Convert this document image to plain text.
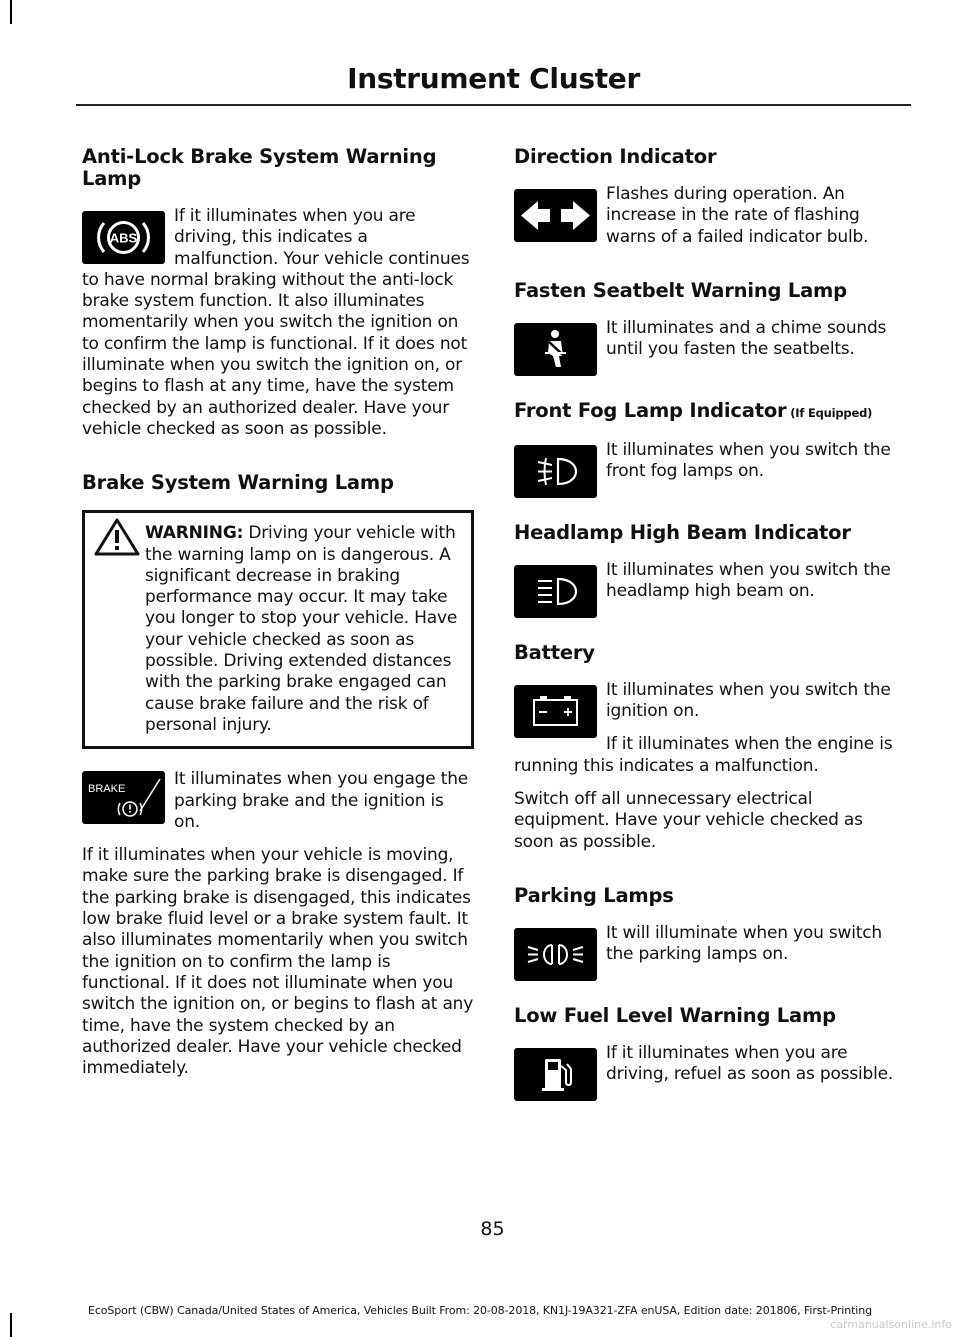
Instrument Cluster
Anti-Lock Brake System Warning Lamp
ABS

If it illuminates when you are driving, this indicates a malfunction. Your vehicle continues to have normal braking without the anti-lock brake system function. It also illuminates momentarily when you switch the ignition on to confirm the lamp is functional. If it does not illuminate when you switch the ignition on, or begins to flash at any time, have the system checked by an authorized dealer. Have your vehicle checked as soon as possible.

Brake System Warning Lamp

WARNING: Driving your vehicle with the warning lamp on is dangerous. A significant decrease in braking performance may occur. It may take you longer to stop your vehicle. Have your vehicle checked as soon as possible. Driving extended distances with the parking brake engaged can cause brake failure and the risk of personal injury.

BRAKE	It illuminates when you engage the parking brake and the ignition is on.

If it illuminates when your vehicle is moving, make sure the parking brake is disengaged. If the parking brake is disengaged, this indicates low brake fluid level or a brake system fault. It also illuminates momentarily when you switch the ignition on to confirm the lamp is functional. If it does not illuminate when you switch the ignition on, or begins to flash at any time, have the system checked by an authorized dealer. Have your vehicle checked immediately.

Direction Indicator

Flashes during operation. An increase in the rate of flashing warns of a failed indicator bulb.

Fasten Seatbelt Warning Lamp

It illuminates and a chime sounds until you fasten the seatbelts.

Front Fog Lamp Indicator (If Equipped)

It illuminates when you switch the front fog lamps on.

Headlamp High Beam Indicator

It illuminates when you switch the headlamp high beam on.

Battery

It illuminates when you switch the ignition on.

If it illuminates when the engine is running this indicates a malfunction.

Switch off all unnecessary electrical equipment. Have your vehicle checked as soon as possible.

Parking Lamps

It will illuminate when you switch the parking lamps on.

Low Fuel Level Warning Lamp

If it illuminates when you are driving, refuel as soon as possible.

85
EcoSport (CBW) Canada/United States of America, Vehicles Built From: 20-08-2018, KN1J-19A321-ZFA enUSA, Edition date: 201806, First-Printing
carmanualsonline.info
